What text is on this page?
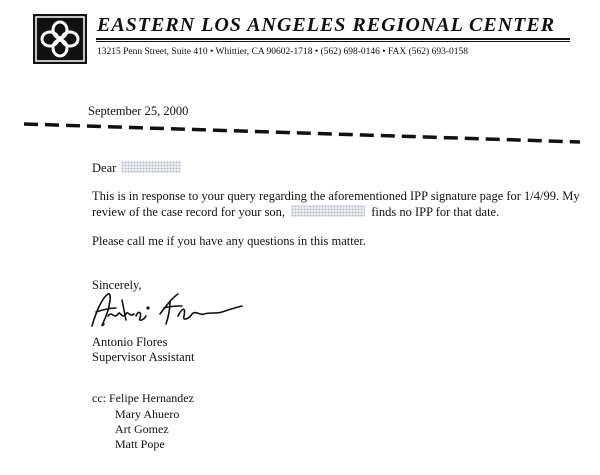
EASTERN LOS ANGELES REGIONAL CENTER
13215 Penn Street, Suite 410 • Whittier, CA 90602-1718 • (562) 698-0146 • FAX (562) 693-0158
September 25, 2000
Dear
This is in response to your query regarding the aforementioned IPP signature page for 1/4/99. My
review of the case record for your son,	finds no IPP for that date.
Please call me if you have any questions in this matter.
Sincerely,
Antonio Flores
Supervisor Assistant
cc: Felipe Hernandez
Mary Ahuero
Art Gomez
Matt Pope
